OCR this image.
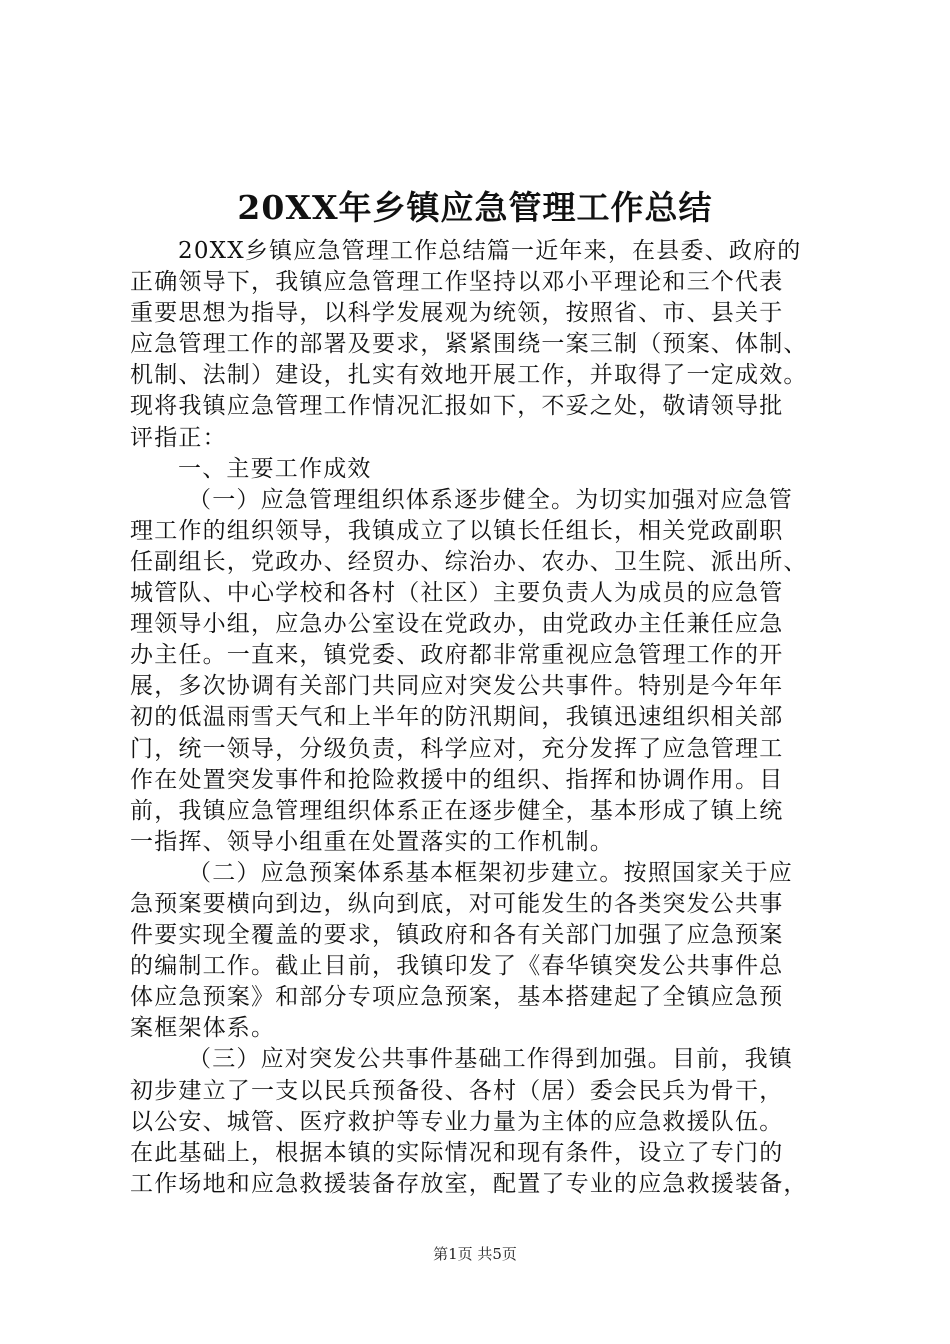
20XX年乡镇应急管理工作总结
20XX乡镇应急管理工作总结篇一近年来，在县委、政府的
正确领导下，我镇应急管理工作坚持以邓小平理论和三个代表
重要思想为指导，以科学发展观为统领，按照省、市、县关于
应急管理工作的部署及要求，紧紧围绕一案三制（预案、体制、
机制、法制）建设，扎实有效地开展工作，并取得了一定成效。
现将我镇应急管理工作情况汇报如下，不妥之处，敬请领导批
评指正：
一、主要工作成效
（一）应急管理组织体系逐步健全。为切实加强对应急管
理工作的组织领导，我镇成立了以镇长任组长，相关党政副职
任副组长，党政办、经贸办、综治办、农办、卫生院、派出所、
城管队、中心学校和各村（社区）主要负责人为成员的应急管
理领导小组，应急办公室设在党政办，由党政办主任兼任应急
办主任。一直来，镇党委、政府都非常重视应急管理工作的开
展，多次协调有关部门共同应对突发公共事件。特别是今年年
初的低温雨雪天气和上半年的防汛期间，我镇迅速组织相关部
门，统一领导，分级负责，科学应对，充分发挥了应急管理工
作在处置突发事件和抢险救援中的组织、指挥和协调作用。目
前，我镇应急管理组织体系正在逐步健全，基本形成了镇上统
一指挥、领导小组重在处置落实的工作机制。
（二）应急预案体系基本框架初步建立。按照国家关于应
急预案要横向到边，纵向到底，对可能发生的各类突发公共事
件要实现全覆盖的要求，镇政府和各有关部门加强了应急预案
的编制工作。截止目前，我镇印发了《春华镇突发公共事件总
体应急预案》和部分专项应急预案，基本搭建起了全镇应急预
案框架体系。
（三）应对突发公共事件基础工作得到加强。目前，我镇
初步建立了一支以民兵预备役、各村（居）委会民兵为骨干，
以公安、城管、医疗救护等专业力量为主体的应急救援队伍。
在此基础上，根据本镇的实际情况和现有条件，设立了专门的
工作场地和应急救援装备存放室，配置了专业的应急救援装备，
第1页 共5页
